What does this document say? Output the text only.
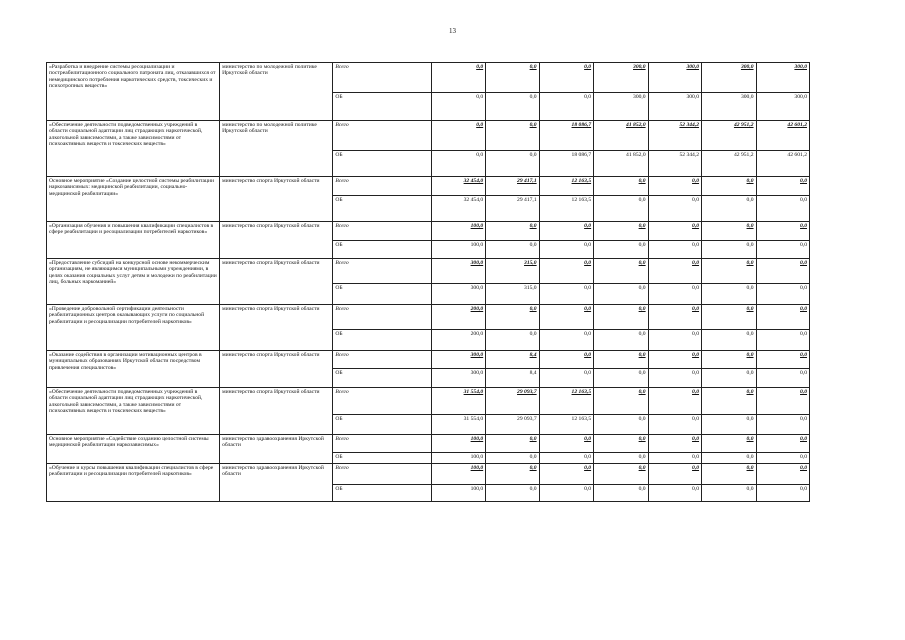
13
«Разработка и внедрение системы ресоциализации и постреабилитационного социального патроната лиц, отказавшихся от немедицинского потребления наркотических средств, токсических и психотропных веществ»	министерство по молодежной политике Иркутской области	Всего	0,0	0,0	0,0	300,0	300,0	300,0	300,0
		ОБ	0,0	0,0	0,0	300,0	300,0	300,0	300,0
«Обеспечение деятельности подведомственных учреждений в области социальной адаптации лиц страдающих наркотической, алкогольной зависимостями, а также зависимостями от психоактивных веществ и токсических веществ»	министерство по молодежной политике Иркутской области	Всего	0,0	0,0	18 086,7	41 852,0	52 344,2	42 951,2	42 601,2
		ОБ	0,0	0,0	18 086,7	41 852,0	52 344,2	42 951,2	42 601,2
Основное мероприятие «Создание целостной системы реабилитации наркозависимых: медицинской реабилитации, социально-медицинской реабилитации»	министерство спорта Иркутской области	Всего	32 454,0	29 417,1	12 163,5	0,0	0,0	0,0	0,0
		ОБ	32 454,0	29 417,1	12 163,5	0,0	0,0	0,0	0,0
«Организация обучения и повышения квалификации специалистов в сфере реабилитации и ресоциализации потребителей наркотиков»	министерство спорта Иркутской области	Всего	100,0	0,0	0,0	0,0	0,0	0,0	0,0
		ОБ	100,0	0,0	0,0	0,0	0,0	0,0	0,0
«Предоставление субсидий на конкурсной основе некоммерческим организациям, не являющимся муниципальными учреждениями, в целях оказания социальных услуг детям и молодежи по реабилитации лиц, больных наркоманией»	министерство спорта Иркутской области	Всего	300,0	315,0	0,0	0,0	0,0	0,0	0,0
		ОБ	300,0	315,0	0,0	0,0	0,0	0,0	0,0
«Проведение добровольной сертификации деятельности реабилитационных центров оказывающих услуги по социальной реабилитации и ресоциализации потребителей наркотиков»	министерство спорта Иркутской области	Всего	200,0	0,0	0,0	0,0	0,0	0,0	0,0
		ОБ	200,0	0,0	0,0	0,0	0,0	0,0	0,0
«Оказание содействия в организации мотивационных центров в муниципальных образованиях Иркутской области посредством привлечения специалистов»	министерство спорта Иркутской области	Всего	300,0	8,4	0,0	0,0	0,0	0,0	0,0
		ОБ	300,0	8,4	0,0	0,0	0,0	0,0	0,0
«Обеспечение деятельности подведомственных учреждений в области социальной адаптации лиц страдающих наркотической, алкогольной зависимостями, а также зависимостями от психоактивных веществ и токсических веществ»	министерство спорта Иркутской области	Всего	31 554,0	29 093,7	12 163,5	0,0	0,0	0,0	0,0
		ОБ	31 554,0	29 093,7	12 163,5	0,0	0,0	0,0	0,0
Основное мероприятие «Содействие созданию целостной системы медицинской реабилитации наркозависимых»	министерство здравоохранения Иркутской области	Всего	100,0	0,0	0,0	0,0	0,0	0,0	0,0
		ОБ	100,0	0,0	0,0	0,0	0,0	0,0	0,0
«Обучение и курсы повышения квалификации специалистов в сфере реабилитации и ресоциализации потребителей наркотиков»	министерство здравоохранения Иркутской области	Всего	100,0	0,0	0,0	0,0	0,0	0,0	0,0
		ОБ	100,0	0,0	0,0	0,0	0,0	0,0	0,0
